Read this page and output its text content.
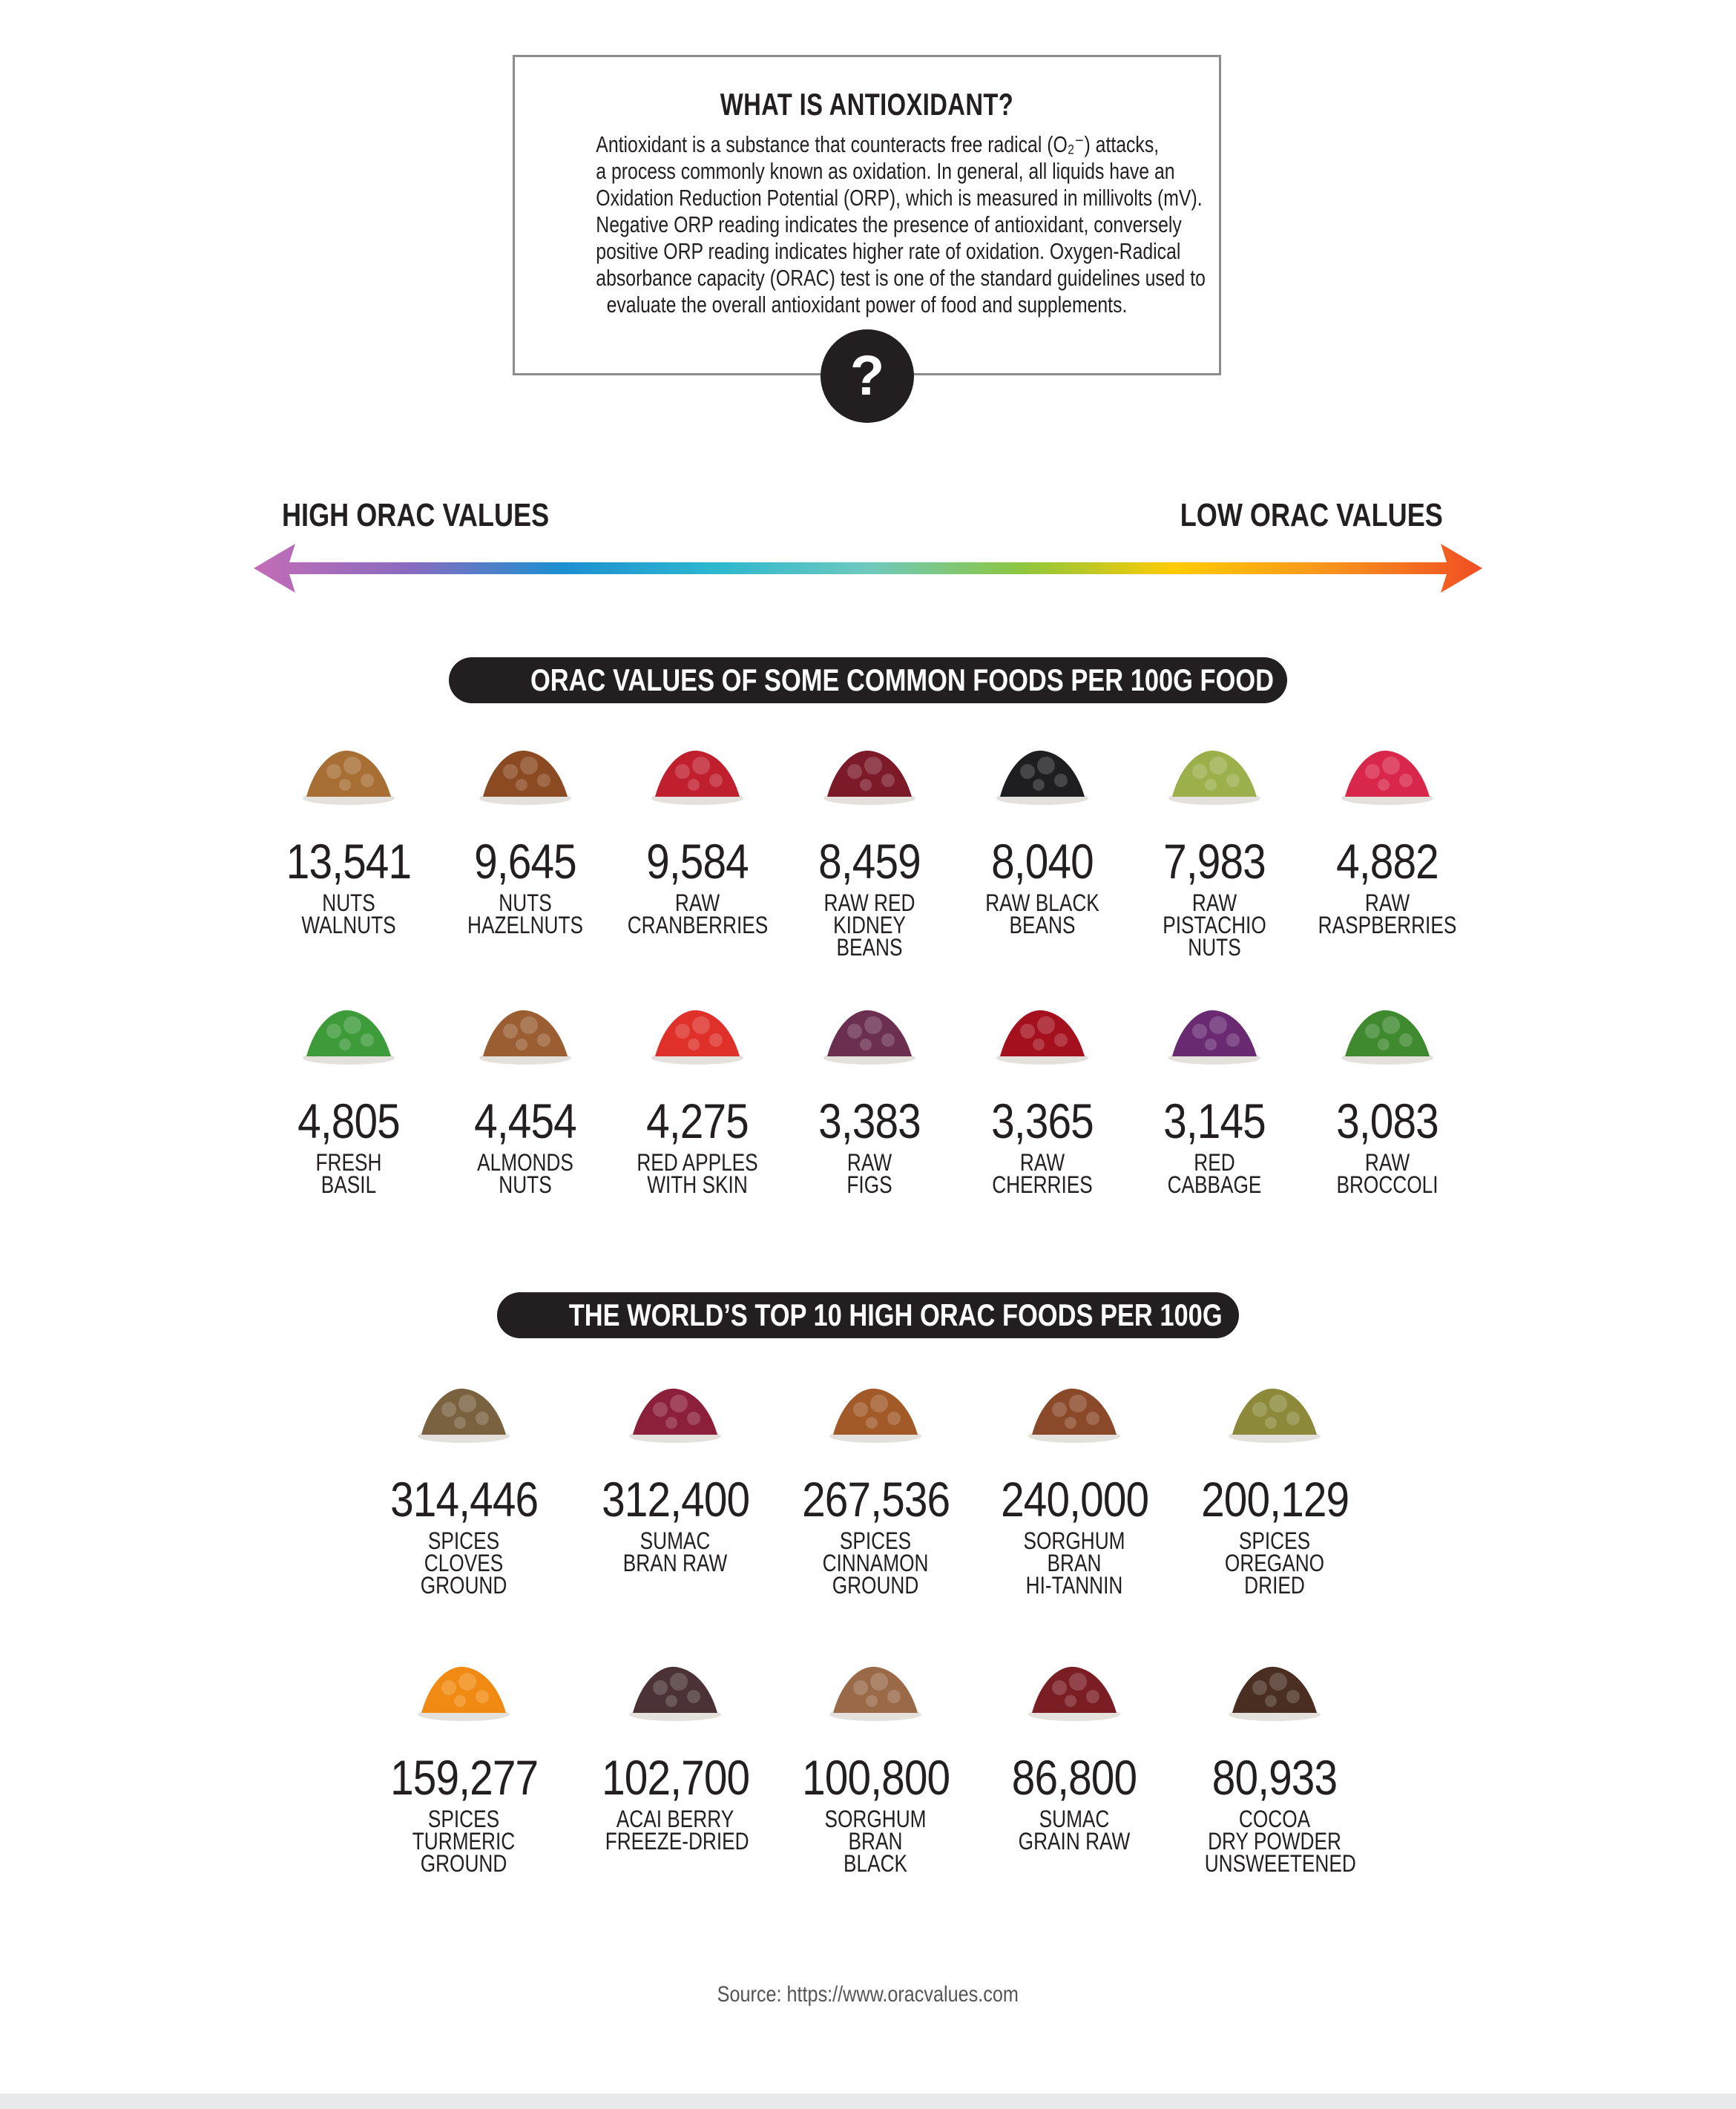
WHAT IS ANTIOXIDANT?
Antioxidant is a substance that counteracts free radical (O₂⁻) attacks,
a process commonly known as oxidation. In general, all liquids have an
Oxidation Reduction Potential (ORP), which is measured in millivolts (mV).
Negative ORP reading indicates the presence of antioxidant, conversely
positive ORP reading indicates higher rate of oxidation. Oxygen-Radical
absorbance capacity (ORAC) test is one of the standard guidelines used to
evaluate the overall antioxidant power of food and supplements.
?
HIGH ORAC VALUES	LOW ORAC VALUES
ORAC VALUES OF SOME COMMON FOODS PER 100G FOOD
13,541
NUTS
WALNUTS
9,645
NUTS
HAZELNUTS
9,584
RAW
CRANBERRIES
8,459
RAW RED
KIDNEY
BEANS
8,040
RAW BLACK
BEANS
7,983
RAW
PISTACHIO
NUTS
4,882
RAW
RASPBERRIES
4,805
FRESH
BASIL
4,454
ALMONDS
NUTS
4,275
RED APPLES
WITH SKIN
3,383
RAW
FIGS
3,365
RAW
CHERRIES
3,145
RED
CABBAGE
3,083
RAW
BROCCOLI
THE WORLD’S TOP 10 HIGH ORAC FOODS PER 100G
314,446
SPICES
CLOVES
GROUND
312,400
SUMAC
BRAN RAW
267,536
SPICES
CINNAMON
GROUND
240,000
SORGHUM
BRAN
HI-TANNIN
200,129
SPICES
OREGANO
DRIED
159,277
SPICES
TURMERIC
GROUND
102,700
ACAI BERRY
FREEZE-DRIED
100,800
SORGHUM
BRAN
BLACK
86,800
SUMAC
GRAIN RAW
80,933
COCOA
DRY POWDER
UNSWEETENED
Source: https://www.oracvalues.com
